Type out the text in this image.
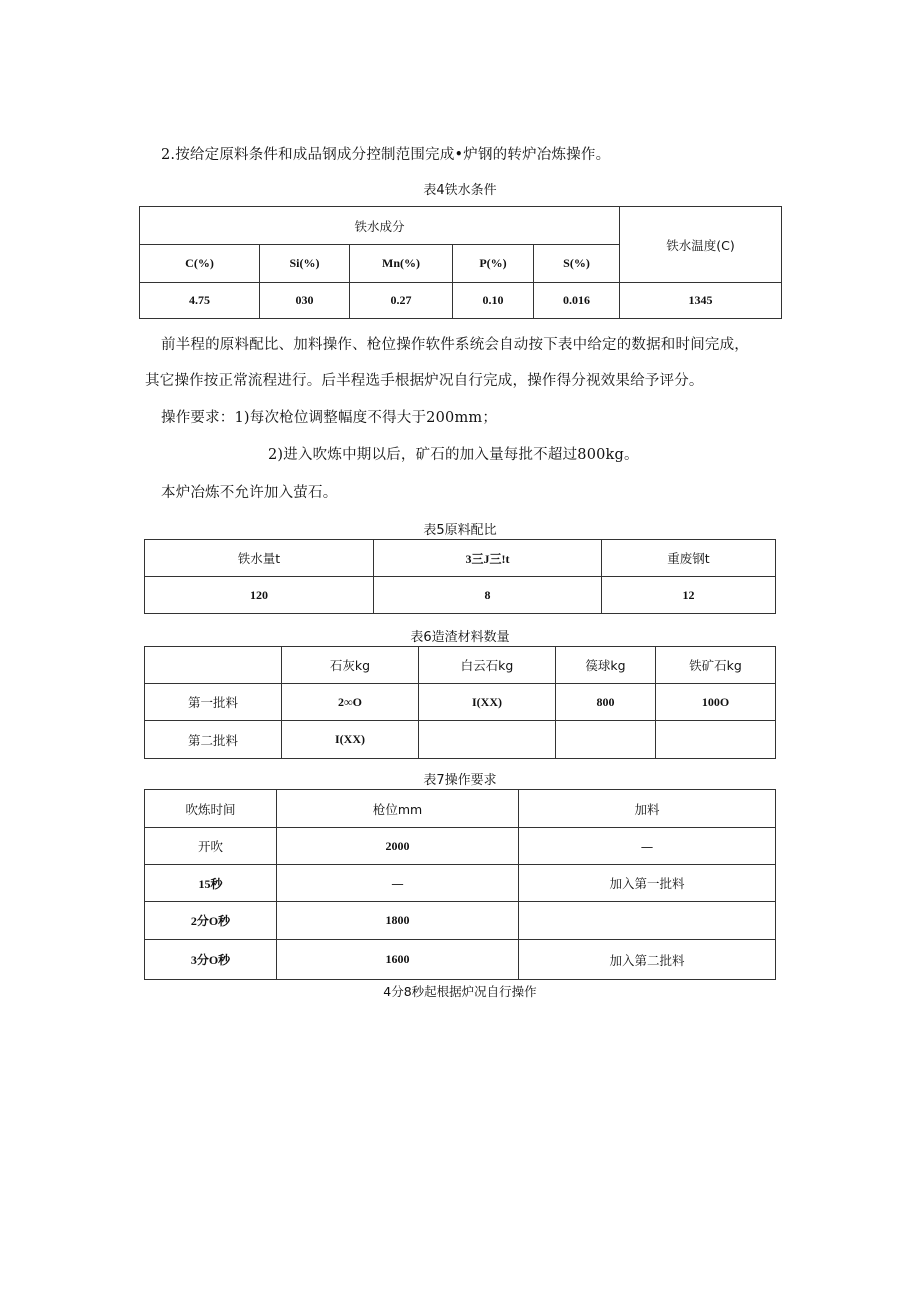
2.按给定原料条件和成品钢成分控制范围完成•炉钢的转炉冶炼操作。
表4铁水条件
铁水成分					铁水温度(C)
C(%)	Si(%)	Mn(%)	P(%)	S(%)	
4.75	030	0.27	0.10	0.016	1345
前半程的原料配比、加料操作、枪位操作软件系统会自动按下表中给定的数据和时间完成，
其它操作按正常流程进行。后半程选手根据炉况自行完成，操作得分视效果给予评分。
操作要求：1)每次枪位调整幅度不得大于200mm；
2)进入吹炼中期以后，矿石的加入量每批不超过800kg。
本炉冶炼不允许加入萤石。
表5原料配比
铁水量t	3三J三!t	重废钢t
120	8	12
表6造渣材料数量
	石灰kg	白云石kg	篌球kg	铁矿石kg
第一批料	2∞O	I(XX)	800	100O
第二批料	I(XX)			
表7操作要求
吹炼时间	枪位mm	加料
开吹	2000	—
15秒	—	加入第一批料
2分O秒	1800	
3分O秒	1600	加入第二批料
4分8秒起根据炉况自行操作
